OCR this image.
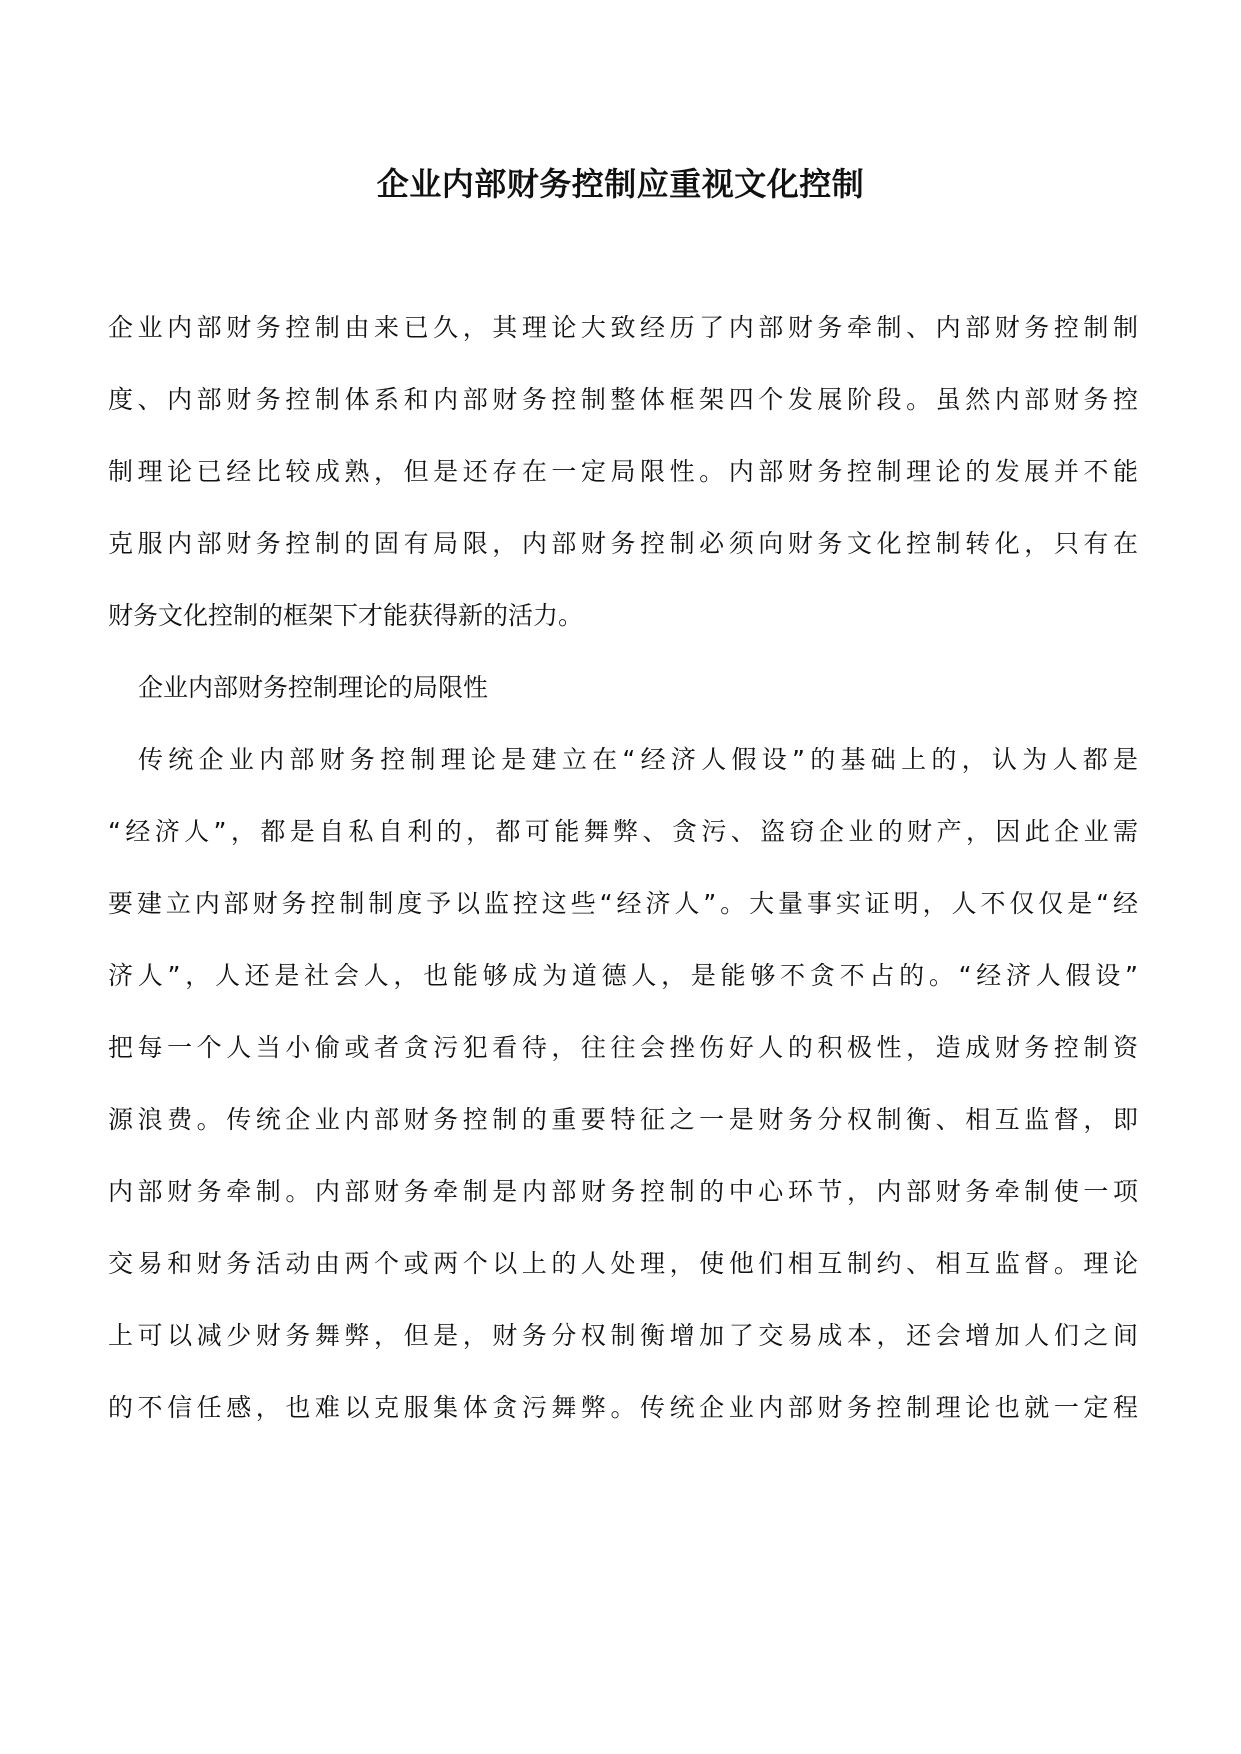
企业内部财务控制应重视文化控制
企业内部财务控制由来已久，其理论大致经历了内部财务牵制、内部财务控制制
度、内部财务控制体系和内部财务控制整体框架四个发展阶段。虽然内部财务控
制理论已经比较成熟，但是还存在一定局限性。内部财务控制理论的发展并不能
克服内部财务控制的固有局限，内部财务控制必须向财务文化控制转化，只有在
财务文化控制的框架下才能获得新的活力。
企业内部财务控制理论的局限性
传统企业内部财务控制理论是建立在“经济人假设”的基础上的，认为人都是
“经济人”，都是自私自利的，都可能舞弊、贪污、盗窃企业的财产，因此企业需
要建立内部财务控制制度予以监控这些“经济人”。大量事实证明，人不仅仅是“经
济人”，人还是社会人，也能够成为道德人，是能够不贪不占的。“经济人假设”
把每一个人当小偷或者贪污犯看待，往往会挫伤好人的积极性，造成财务控制资
源浪费。传统企业内部财务控制的重要特征之一是财务分权制衡、相互监督，即
内部财务牵制。内部财务牵制是内部财务控制的中心环节，内部财务牵制使一项
交易和财务活动由两个或两个以上的人处理，使他们相互制约、相互监督。理论
上可以减少财务舞弊，但是，财务分权制衡增加了交易成本，还会增加人们之间
的不信任感，也难以克服集体贪污舞弊。传统企业内部财务控制理论也就一定程
